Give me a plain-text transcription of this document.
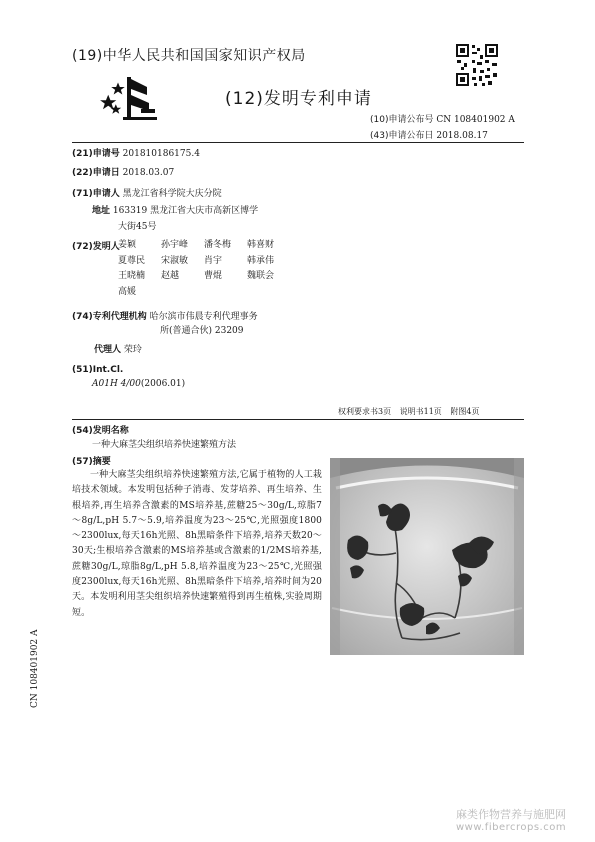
(19)中华人民共和国国家知识产权局
(12)发明专利申请
(10)申请公布号 CN 108401902 A
(43)申请公布日 2018.08.17
(21)申请号 201810186175.4
(22)申请日 2018.03.07
(71)申请人 黑龙江省科学院大庆分院
地址 163319 黑龙江省大庆市高新区博学
大街45号
(72)发明人
姜颖	孙宇峰	潘冬梅	韩喜财
夏尊民	宋淑敏	肖宇	韩承伟
王晓楠	赵越	曹焜	魏联会
高媛
(74)专利代理机构 哈尔滨市伟晨专利代理事务
所(普通合伙) 23209
代理人 荣玲
(51)Int.Cl.
A01H 4/00(2006.01)
权利要求书3页 说明书11页 附图4页
(54)发明名称
一种大麻茎尖组织培养快速繁殖方法
(57)摘要
一种大麻茎尖组织培养快速繁殖方法,它属于植物的人工栽培技术领域。本发明包括种子消毒、发芽培养、再生培养、生根培养,再生培养含激素的MS培养基,蔗糖25～30g/L,琼脂7～8g/L,pH 5.7～5.9,培养温度为23～25℃,光照强度1800～2300lux,每天16h光照、8h黑暗条件下培养,培养天数20～30天;生根培养含激素的MS培养基或含激素的1/2MS培养基,蔗糖30g/L,琼脂8g/L,pH 5.8,培养温度为23～25℃,光照强度2300lux,每天16h光照、8h黑暗条件下培养,培养时间为20天。本发明利用茎尖组织培养快速繁殖得到再生植株,实验周期短。
CN 108401902 A
麻类作物营养与施肥网
www.fibercrops.com
